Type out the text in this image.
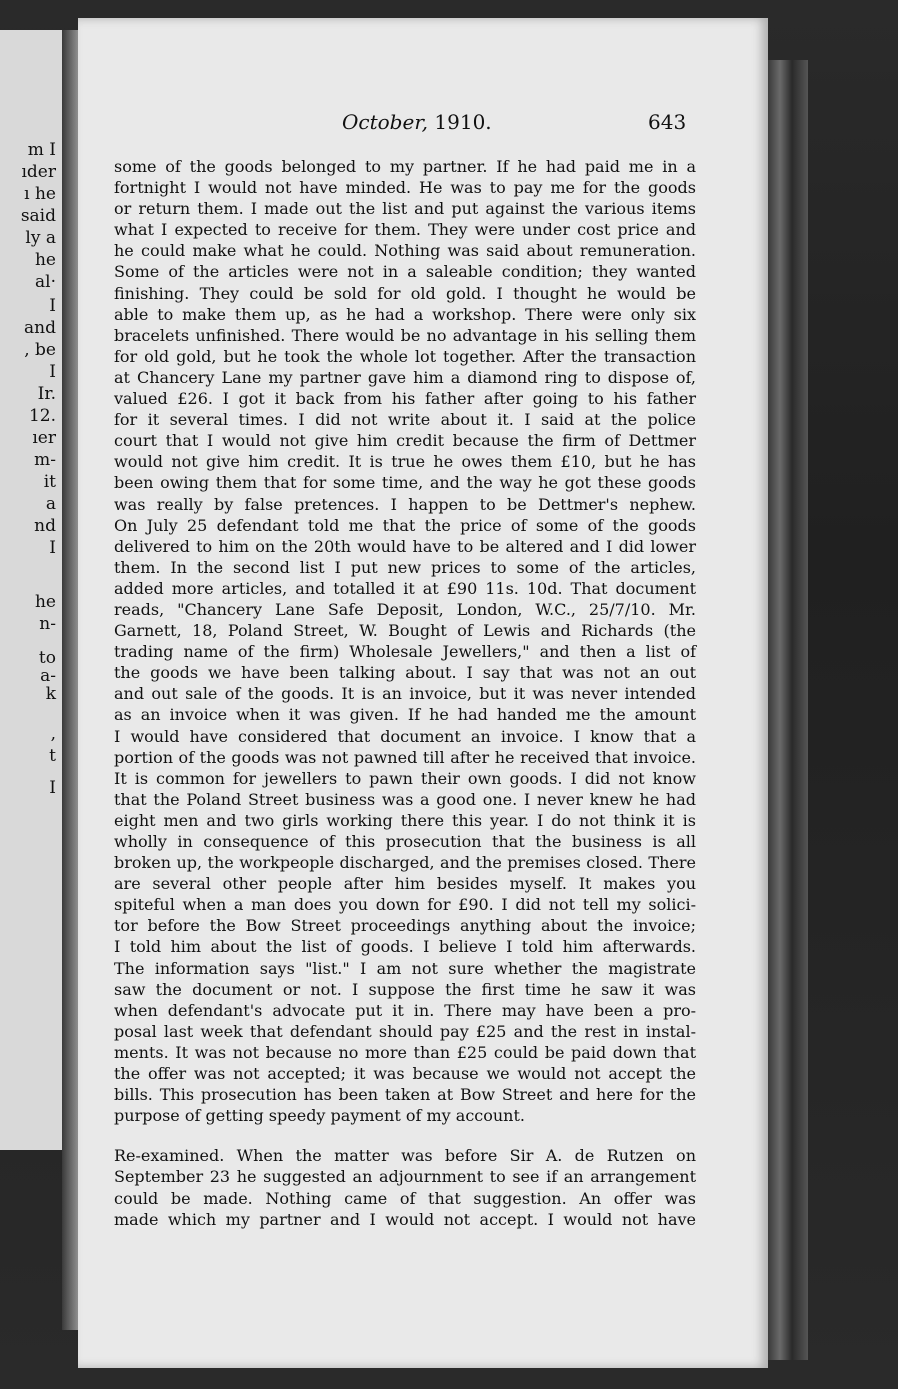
m I
ıder
ı he
said
ly a
he
al·
I
and
, be
I
Ir.
12.
ıer
m-
it
a
nd
I
he
n-
to
a-
k
,
t
I
October, 1910.	643
some of the goods belonged to my partner. If he had paid me in a
fortnight I would not have minded. He was to pay me for the goods
or return them. I made out the list and put against the various items
what I expected to receive for them. They were under cost price and
he could make what he could. Nothing was said about remuneration.
Some of the articles were not in a saleable condition; they wanted
finishing. They could be sold for old gold. I thought he would be
able to make them up, as he had a workshop. There were only six
bracelets unfinished. There would be no advantage in his selling them
for old gold, but he took the whole lot together. After the transaction
at Chancery Lane my partner gave him a diamond ring to dispose of,
valued £26. I got it back from his father after going to his father
for it several times. I did not write about it. I said at the police
court that I would not give him credit because the firm of Dettmer
would not give him credit. It is true he owes them £10, but he has
been owing them that for some time, and the way he got these goods
was really by false pretences. I happen to be Dettmer's nephew.
On July 25 defendant told me that the price of some of the goods
delivered to him on the 20th would have to be altered and I did lower
them. In the second list I put new prices to some of the articles,
added more articles, and totalled it at £90 11s. 10d. That document
reads, "Chancery Lane Safe Deposit, London, W.C., 25/7/10. Mr.
Garnett, 18, Poland Street, W. Bought of Lewis and Richards (the
trading name of the firm) Wholesale Jewellers," and then a list of
the goods we have been talking about. I say that was not an out
and out sale of the goods. It is an invoice, but it was never intended
as an invoice when it was given. If he had handed me the amount
I would have considered that document an invoice. I know that a
portion of the goods was not pawned till after he received that invoice.
It is common for jewellers to pawn their own goods. I did not know
that the Poland Street business was a good one. I never knew he had
eight men and two girls working there this year. I do not think it is
wholly in consequence of this prosecution that the business is all
broken up, the workpeople discharged, and the premises closed. There
are several other people after him besides myself. It makes you
spiteful when a man does you down for £90. I did not tell my solici-
tor before the Bow Street proceedings anything about the invoice;
I told him about the list of goods. I believe I told him afterwards.
The information says "list." I am not sure whether the magistrate
saw the document or not. I suppose the first time he saw it was
when defendant's advocate put it in. There may have been a pro-
posal last week that defendant should pay £25 and the rest in instal-
ments. It was not because no more than £25 could be paid down that
the offer was not accepted; it was because we would not accept the
bills. This prosecution has been taken at Bow Street and here for the
purpose of getting speedy payment of my account.
Re-examined. When the matter was before Sir A. de Rutzen on
September 23 he suggested an adjournment to see if an arrangement
could be made. Nothing came of that suggestion. An offer was
made which my partner and I would not accept. I would not have
